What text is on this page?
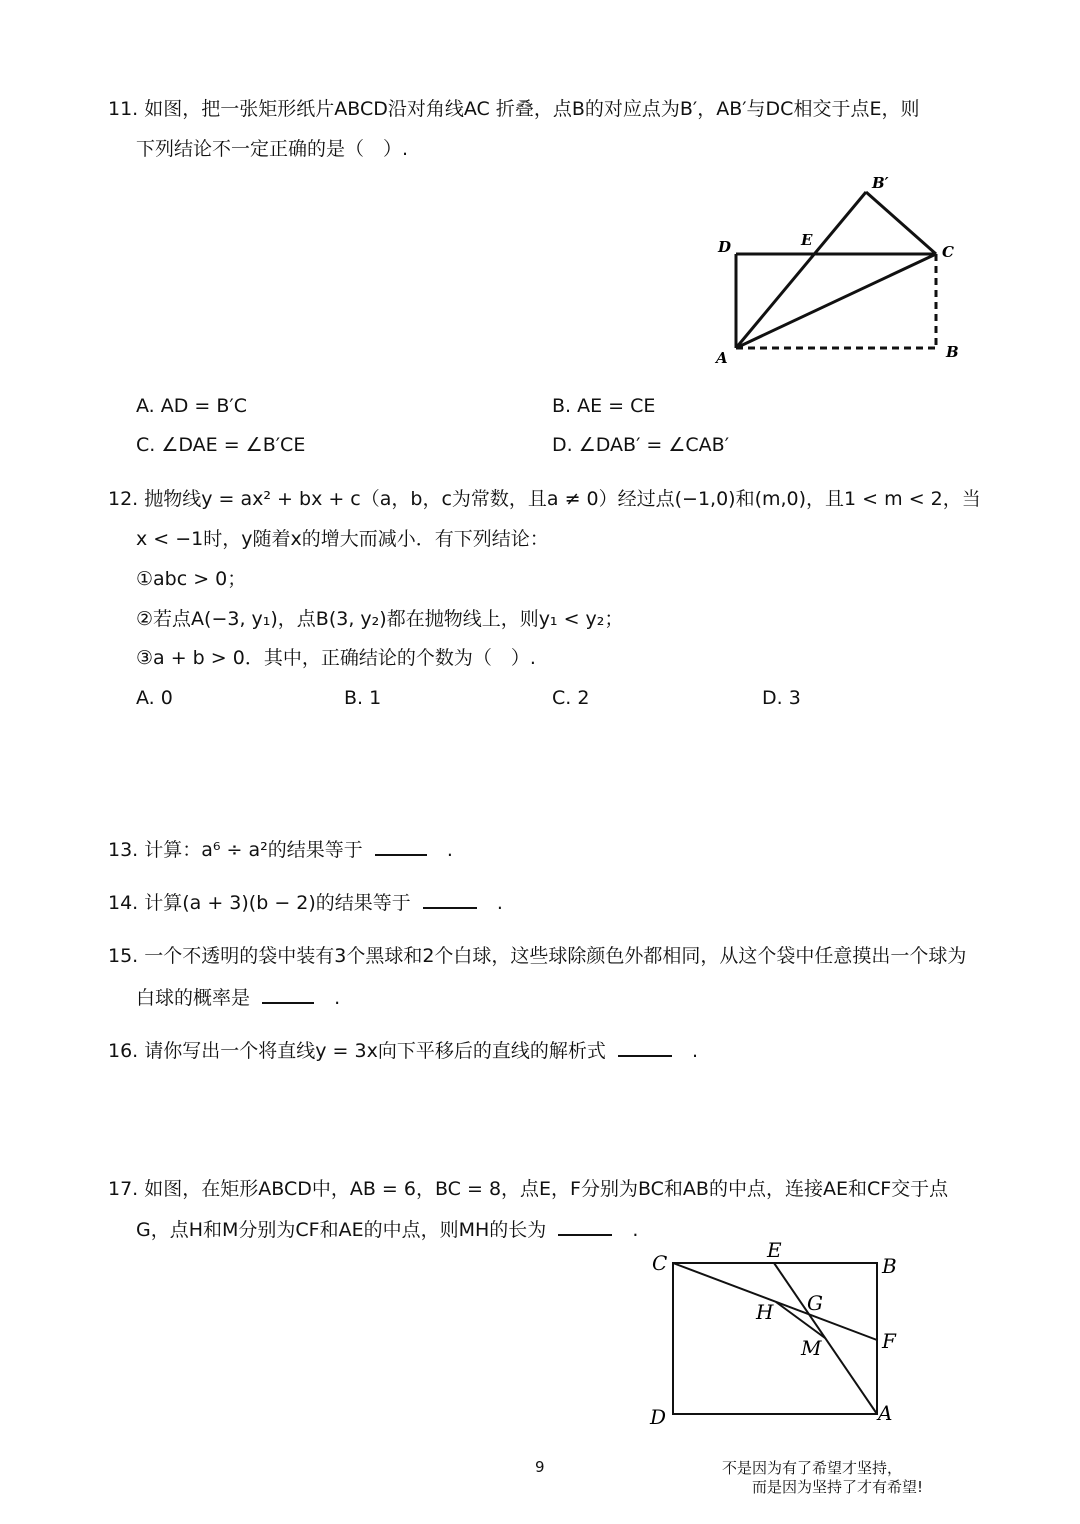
11. 如图，把一张矩形纸片ABCD沿对角线AC 折叠，点B的对应点为B′，AB′与DC相交于点E，则
下列结论不一定正确的是（　）.
D	E
C
B′
A	B
A. AD = B′C	B. AE = CE
C. ∠DAE = ∠B′CE	D. ∠DAB′ = ∠CAB′
12. 抛物线y = ax² + bx + c（a，b，c为常数，且a ≠ 0）经过点(−1,0)和(m,0)，且1 < m < 2，当
x < −1时，y随着x的增大而减小．有下列结论：
①abc > 0；
②若点A(−3, y₁)，点B(3, y₂)都在抛物线上，则y₁ < y₂；
③a + b > 0．其中，正确结论的个数为（　）.
A. 0	B. 1	C. 2	D. 3
13. 计算：a⁶ ÷ a²的结果等于	.
14. 计算(a + 3)(b − 2)的结果等于	.
15. 一个不透明的袋中装有3个黑球和2个白球，这些球除颜色外都相同，从这个袋中任意摸出一个球为
白球的概率是	.
16. 请你写出一个将直线y = 3x向下平移后的直线的解析式	.
17. 如图，在矩形ABCD中，AB = 6，BC = 8，点E，F分别为BC和AB的中点，连接AE和CF交于点
G，点H和M分别为CF和AE的中点，则MH的长为	.
C
E
B
H G
F
M
D	A
9	不是因为有了希望才坚持，
而是因为坚持了才有希望!
